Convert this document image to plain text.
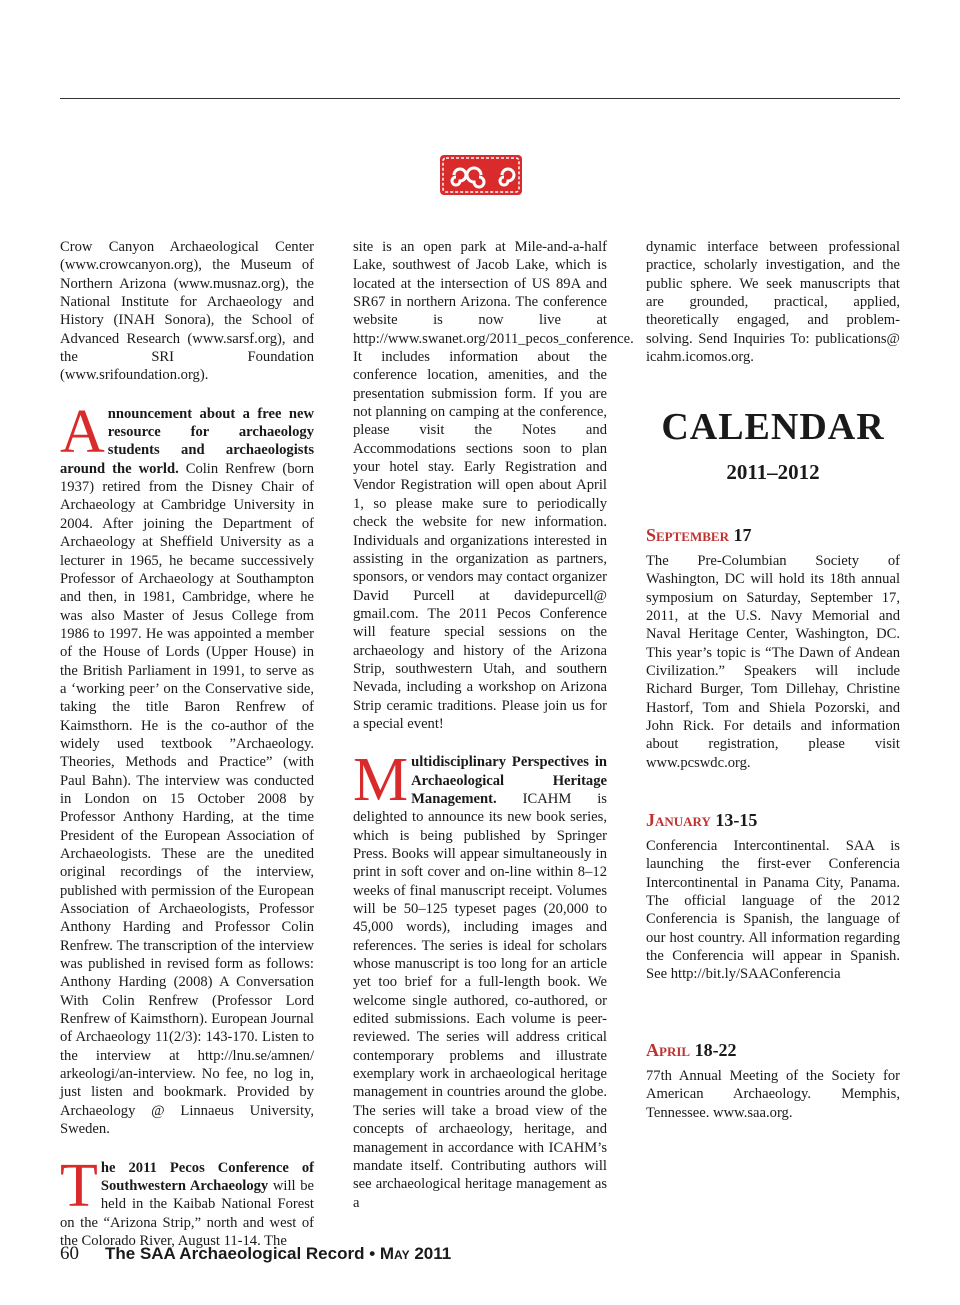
Crow Canyon Archaeological Center (www.crowcanyon.org), the Museum of Northern Arizona (www.musnaz.org), the National Institute for Archaeology and History (INAH Sonora), the School of Advanced Research (www.sarsf.org), and the SRI Foundation (www.srifoundation.org).

Announcement about a free new resource for archaeology students and archaeologists around the world. Colin Renfrew (born 1937) retired from the Disney Chair of Archaeology at Cambridge University in 2004. After joining the Department of Archaeology at Sheffield University as a lecturer in 1965, he became successively Professor of Archaeology at Southampton and then, in 1981, Cambridge, where he was also Master of Jesus College from 1986 to 1997. He was appointed a member of the House of Lords (Upper House) in the British Parliament in 1991, to serve as a ‘working peer’ on the Conservative side, taking the title Baron Renfrew of Kaimsthorn. He is the co-author of the widely used textbook ”Archaeology. Theories, Methods and Practice” (with Paul Bahn). The interview was conducted in London on 15 October 2008 by Professor Anthony Harding, at the time President of the European Association of Archaeologists. These are the unedited original recordings of the interview, published with permission of the European Association of Archaeologists, Professor Anthony Harding and Professor Colin Renfrew. The transcription of the interview was published in revised form as follows: Anthony Harding (2008) A Conversation With Colin Renfrew (Professor Lord Renfrew of Kaimsthorn). European Journal of Archaeology 11(2/3): 143-170. Listen to the interview at http://lnu.se/amnen/ arkeologi/an-interview. No fee, no log in, just listen and bookmark. Provided by Archaeology @ Linnaeus University, Sweden.

The 2011 Pecos Conference of Southwestern Archaeology will be held in the Kaibab National Forest on the “Arizona Strip,” north and west of the Colorado River, August 11-14. The

site is an open park at Mile-and-a-half Lake, southwest of Jacob Lake, which is located at the intersection of US 89A and SR67 in northern Arizona. The conference website is now live at http://www.swanet.org/2011_pecos_conference. It includes information about the conference location, amenities, and the presentation submission form. If you are not planning on camping at the conference, please visit the Notes and Accommodations sections soon to plan your hotel stay. Early Registration and Vendor Registration will open about April 1, so please make sure to periodically check the website for new information. Individuals and organizations interested in assisting in the organization as partners, sponsors, or vendors may contact organizer David Purcell at davidepurcell@ gmail.com. The 2011 Pecos Conference will feature special sessions on the archaeology and history of the Arizona Strip, southwestern Utah, and southern Nevada, including a workshop on Arizona Strip ceramic traditions. Please join us for a special event!

Multidisciplinary Perspectives in Archaeological Heritage Management. ICAHM is delighted to announce its new book series, which is being published by Springer Press. Books will appear simultaneously in print in soft cover and on-line within 8–12 weeks of final manuscript receipt. Volumes will be 50–125 typeset pages (20,000 to 45,000 words), including images and references. The series is ideal for scholars whose manuscript is too long for an article yet too brief for a full-length book. We welcome single authored, co-authored, or edited submissions. Each volume is peer-reviewed. The series will address critical contemporary problems and illustrate exemplary work in archaeological heritage management in countries around the globe. The series will take a broad view of the concepts of archaeology, heritage, and management in accordance with ICAHM’s mandate itself. Contributing authors will see archaeological heritage management as a

dynamic interface between professional practice, scholarly investigation, and the public sphere. We seek manuscripts that are grounded, practical, applied, theoretically engaged, and problem-solving. Send Inquiries To: publications@ icahm.icomos.org.

CALENDAR
2011–2012
September 17
The Pre-Columbian Society of Washington, DC will hold its 18th annual symposium on Saturday, September 17, 2011, at the U.S. Navy Memorial and Naval Heritage Center, Washington, DC. This year’s topic is “The Dawn of Andean Civilization.” Speakers will include Richard Burger, Tom Dillehay, Christine Hastorf, Tom and Shiela Pozorski, and John Rick. For details and information about registration, please visit www.pcswdc.org.
January 13-15
Conferencia Intercontinental. SAA is launching the first-ever Conferencia Intercontinental in Panama City, Panama. The official language of the 2012 Conferencia is Spanish, the language of our host country. All information regarding the Conferencia will appear in Spanish. See http://bit.ly/SAAConferencia
April 18-22
77th Annual Meeting of the Society for American Archaeology. Memphis, Tennessee. www.saa.org.
60 The SAA Archaeological Record • May 2011
